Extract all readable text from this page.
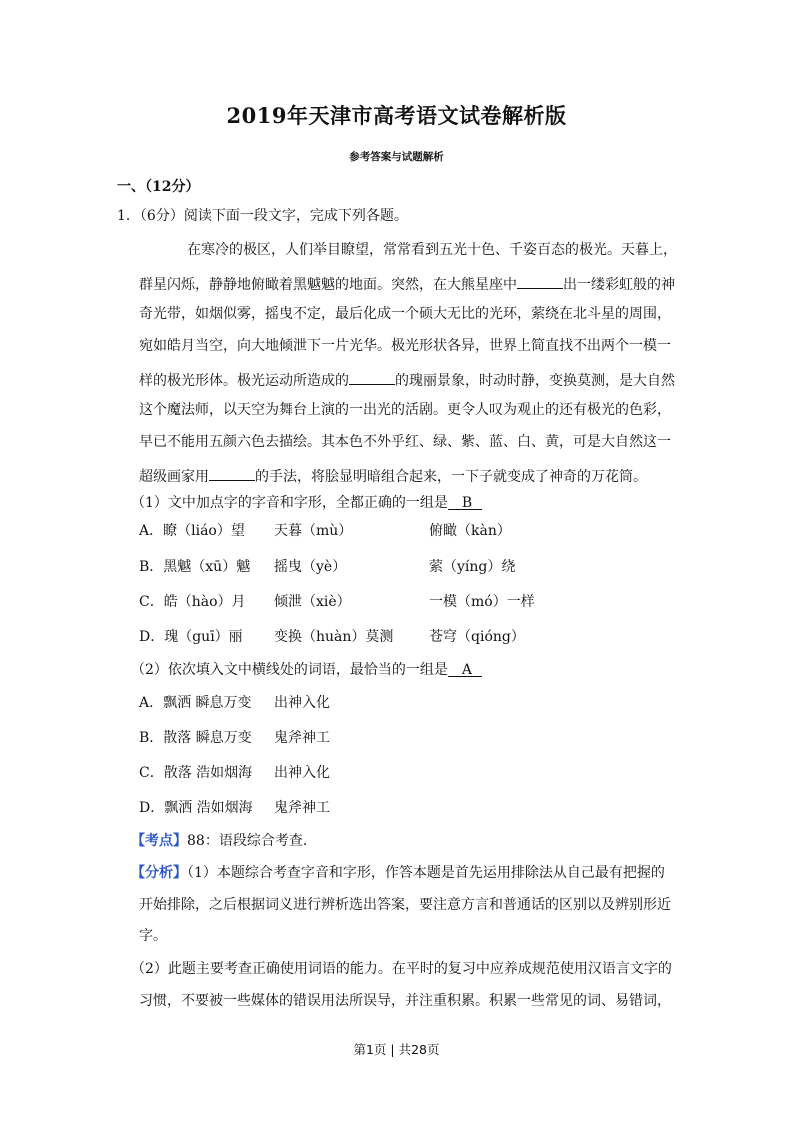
2019年天津市高考语文试卷解析版
参考答案与试题解析
一、（12分）
1．（6分）阅读下面一段文字，完成下列各题。
在寒冷的极区，人们举目瞭望，常常看到五光十色、千姿百态的极光。天暮上，
群星闪烁，静静地俯瞰着黑魆魆的地面。突然，在大熊星座中	出一缕彩虹般的神
奇光带，如烟似雾，摇曳不定，最后化成一个硕大无比的光环，萦绕在北斗星的周围，
宛如皓月当空，向大地倾泄下一片光华。极光形状各异，世界上简直找不出两个一模一
样的极光形体。极光运动所造成的	的瑰丽景象，时动时静，变换莫测，是大自然
这个魔法师，以天空为舞台上演的一出光的活剧。更令人叹为观止的还有极光的色彩，
早已不能用五颜六色去描绘。其本色不外乎红、绿、紫、蓝、白、黄，可是大自然这一
超级画家用	的手法，将脍显明暗组合起来，一下子就变成了神奇的万花筒。
（1）文中加点字的字音和字形，全都正确的一组是 B
A．瞭（liáo）望 天暮（mù）	俯瞰（kàn）
B．黑魆（xū）魆 摇曳（yè）	萦（yíng）绕
C．皓（hào）月 倾泄（xiè）	一模（mó）一样
D．瑰（guī）丽 变换（huàn）莫测	苍穹（qióng）
（2）依次填入文中横线处的词语，最恰当的一组是 A
A．飘洒 瞬息万变 出神入化
B．散落 瞬息万变 鬼斧神工
C．散落 浩如烟海 出神入化
D．飘洒 浩如烟海 鬼斧神工
【考点】88：语段综合考查.
【分析】（1）本题综合考查字音和字形，作答本题是首先运用排除法从自己最有把握的
开始排除，之后根据词义进行辨析选出答案，要注意方言和普通话的区别以及辨别形近
字。
（2）此题主要考查正确使用词语的能力。在平时的复习中应养成规范使用汉语言文字的
习惯，不要被一些媒体的错误用法所误导，并注重积累。积累一些常见的词、易错词，
第1页 | 共28页
